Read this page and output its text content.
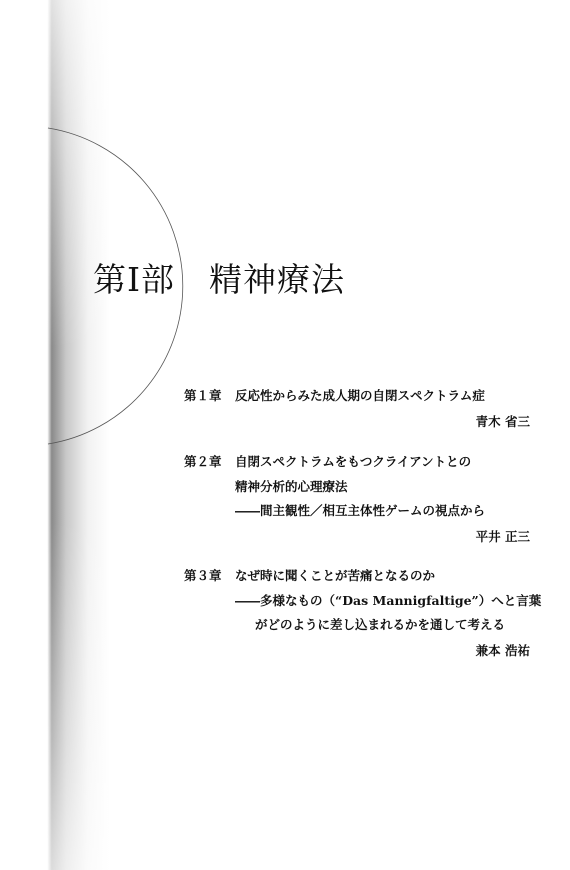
第Ⅰ部 精神療法
第１章 反応性からみた成人期の自閉スペクトラム症
青木 省三
第２章 自閉スペクトラムをもつクライアントとの
精神分析的心理療法
――間主観性／相互主体性ゲームの視点から
平井 正三
第３章 なぜ時に聞くことが苦痛となるのか
――多様なもの（“Das Mannigfaltige”）へと言葉
がどのように差し込まれるかを通して考える
兼本 浩祐
